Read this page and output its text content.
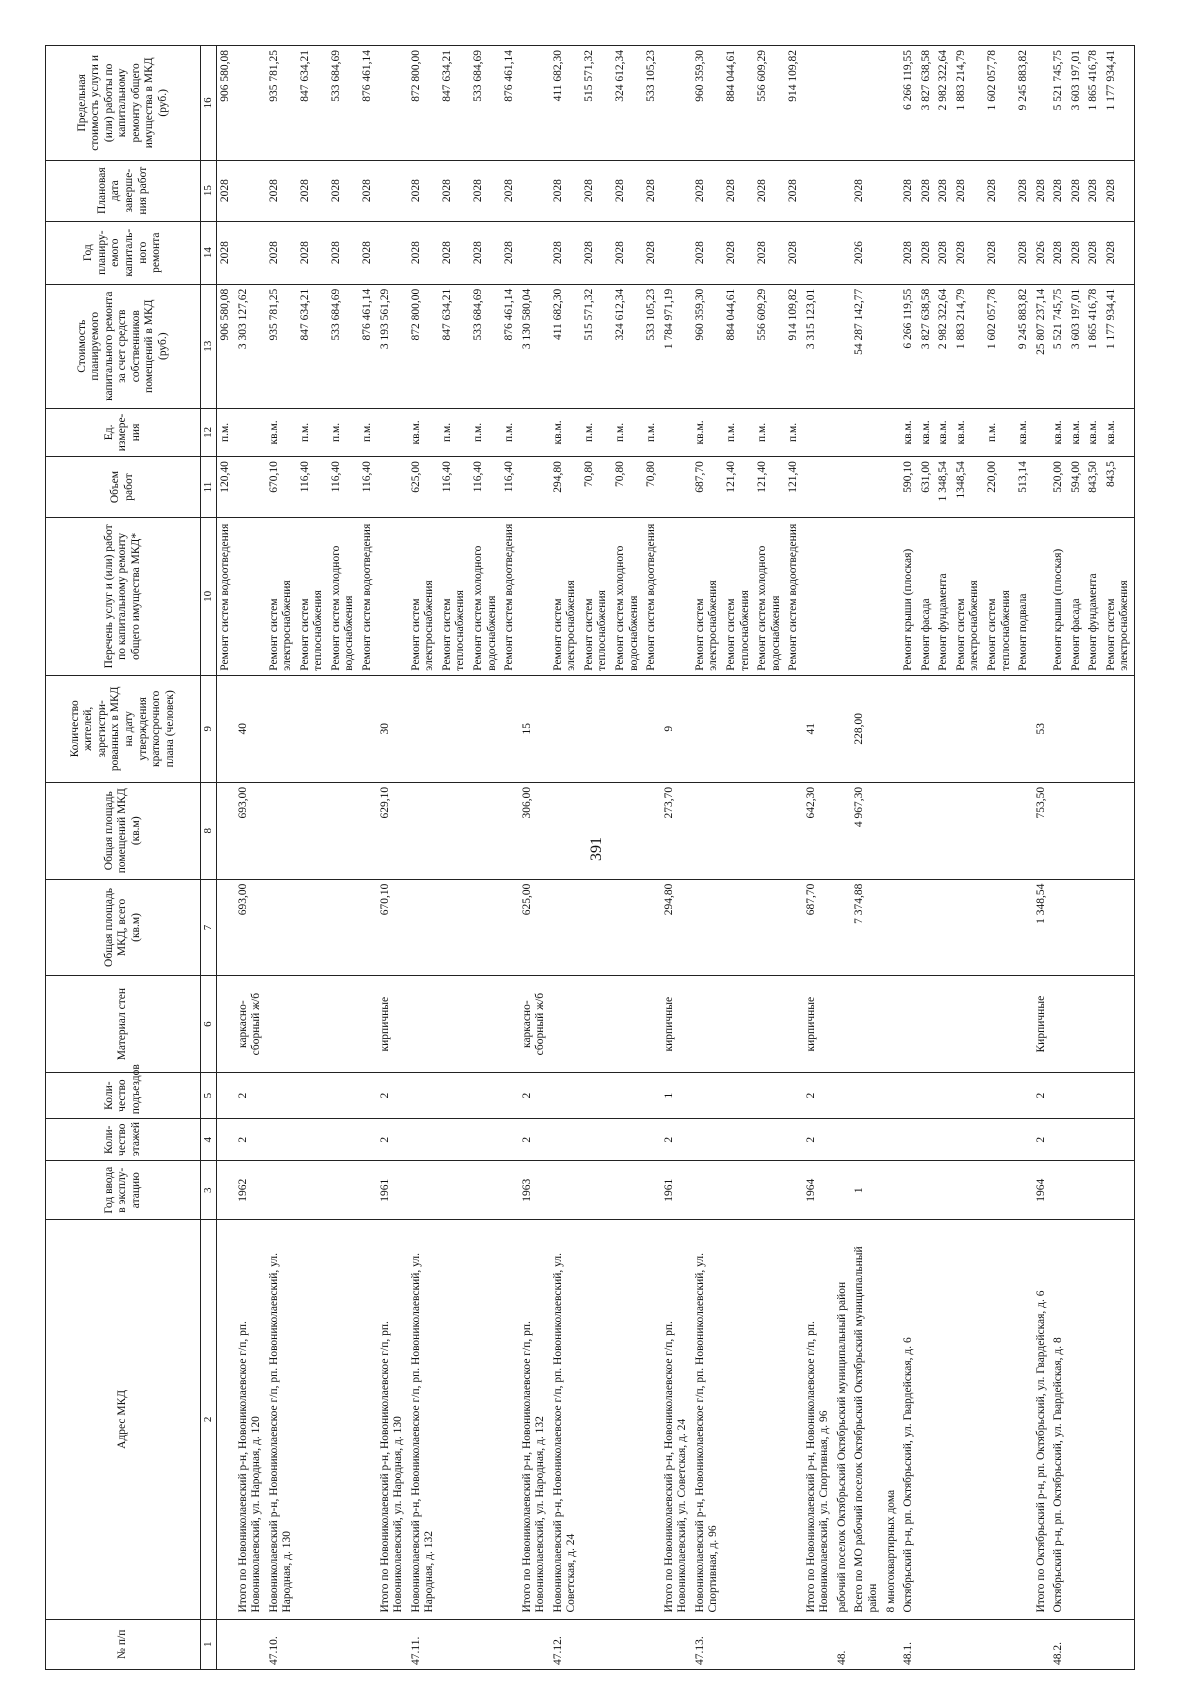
391
№ п/п	Адрес МКД	Год ввода в эксплу-атацию	Коли-чество этажей	Коли-чество подъездов	Материал стен	Общая площадь МКД, всего (кв.м)	Общая площадь помещений МКД (кв.м)	Количество жителей, зарегистри-рованных в МКД на дату утверждения краткосрочного плана (человек)	Перечень услуг и (или) работ по капитальному ремонту общего имущества МКД*	Объем работ	Ед. измере-ния	Стоимость планируемого капитального ремонта за счет средств собственников помещений в МКД (руб.)	Год планиру-емого капиталь-ного ремонта	Плановая дата заверше-ния работ	Предельная стоимость услуги и (или) работы по капитальному ремонту общего имущества в МКД (руб.)
1	2	3	4	5	6	7	8	9	10	11	12	13	14	15	16
									Ремонт систем водоотведения	120,40	п.м.	906 580,08	2028	2028	906 580,08
	Итого по Новониколаевский р-н, Новониколаевское г/п, рп. Новониколаевский, ул. Народная, д. 120	1962	2	2	каркасно-сборный ж/б	693,00	693,00	40				3 303 127,62			
47.10.	Новониколаевский р-н, Новониколаевское г/п, рп. Новониколаевский, ул. Народная, д. 130								Ремонт систем электроснабжения	670,10	кв.м.	935 781,25	2028	2028	935 781,25
									Ремонт систем теплоснабжения	116,40	п.м.	847 634,21	2028	2028	847 634,21
									Ремонт систем холодного водоснабжения	116,40	п.м.	533 684,69	2028	2028	533 684,69
									Ремонт систем водоотведения	116,40	п.м.	876 461,14	2028	2028	876 461,14
	Итого по Новониколаевский р-н, Новониколаевское г/п, рп. Новониколаевский, ул. Народная, д. 130	1961	2	2	кирпичные	670,10	629,10	30				3 193 561,29			
47.11.	Новониколаевский р-н, Новониколаевское г/п, рп. Новониколаевский, ул. Народная, д. 132								Ремонт систем электроснабжения	625,00	кв.м.	872 800,00	2028	2028	872 800,00
									Ремонт систем теплоснабжения	116,40	п.м.	847 634,21	2028	2028	847 634,21
									Ремонт систем холодного водоснабжения	116,40	п.м.	533 684,69	2028	2028	533 684,69
									Ремонт систем водоотведения	116,40	п.м.	876 461,14	2028	2028	876 461,14
	Итого по Новониколаевский р-н, Новониколаевское г/п, рп. Новониколаевский, ул. Народная, д. 132	1963	2	2	каркасно-сборный ж/б	625,00	306,00	15				3 130 580,04			
47.12.	Новониколаевский р-н, Новониколаевское г/п, рп. Новониколаевский, ул. Советская, д. 24								Ремонт систем электроснабжения	294,80	кв.м.	411 682,30	2028	2028	411 682,30
									Ремонт систем теплоснабжения	70,80	п.м.	515 571,32	2028	2028	515 571,32
									Ремонт систем холодного водоснабжения	70,80	п.м.	324 612,34	2028	2028	324 612,34
									Ремонт систем водоотведения	70,80	п.м.	533 105,23	2028	2028	533 105,23
	Итого по Новониколаевский р-н, Новониколаевское г/п, рп. Новониколаевский, ул. Советская, д. 24	1961	2	1	кирпичные	294,80	273,70	9				1 784 971,19			
47.13.	Новониколаевский р-н, Новониколаевское г/п, рп. Новониколаевский, ул. Спортивная, д. 96								Ремонт систем электроснабжения	687,70	кв.м.	960 359,30	2028	2028	960 359,30
									Ремонт систем теплоснабжения	121,40	п.м.	884 044,61	2028	2028	884 044,61
									Ремонт систем холодного водоснабжения	121,40	п.м.	556 609,29	2028	2028	556 609,29
									Ремонт систем водоотведения	121,40	п.м.	914 109,82	2028	2028	914 109,82
	Итого по Новониколаевский р-н, Новониколаевское г/п, рп. Новониколаевский, ул. Спортивная, д. 96	1964	2	2	кирпичные	687,70	642,30	41				3 315 123,01			
48.	рабочий поселок Октябрьский Октябрьский муниципальный район														
	Всего по МО рабочий поселок Октябрьский Октябрьский муниципальный район	1				7 374,88	4 967,30	228,00				54 287 142,77	2026	2028	
	8 многоквартирных дома														
48.1.	Октябрьский р-н, рп. Октябрьский, ул. Гвардейская, д. 6								Ремонт крыши (плоская)	590,10	кв.м.	6 266 119,55	2028	2028	6 266 119,55
									Ремонт фасада	631,00	кв.м.	3 827 638,58	2028	2028	3 827 638,58
									Ремонт фундамента	1 348,54	кв.м.	2 982 322,64	2028	2028	2 982 322,64
									Ремонт систем электроснабжения	1348,54	кв.м.	1 883 214,79	2028	2028	1 883 214,79
									Ремонт систем теплоснабжения	220,00	п.м.	1 602 057,78	2028	2028	1 602 057,78
									Ремонт подвала	513,14	кв.м.	9 245 883,82	2028	2028	9 245 883,82
	Итого по Октябрьский р-н, рп. Октябрьский, ул. Гвардейская, д. 6	1964	2	2	Кирпичные	1 348,54	753,50	53				25 807 237,14	2026	2028	
48.2.	Октябрьский р-н, рп. Октябрьский, ул. Гвардейская, д. 8								Ремонт крыши (плоская)	520,00	кв.м.	5 521 745,75	2028	2028	5 521 745,75
									Ремонт фасада	594,00	кв.м.	3 603 197,01	2028	2028	3 603 197,01
									Ремонт фундамента	843,50	кв.м.	1 865 416,78	2028	2028	1 865 416,78
									Ремонт систем электроснабжения	843,5	кв.м.	1 177 934,41	2028	2028	1 177 934,41
